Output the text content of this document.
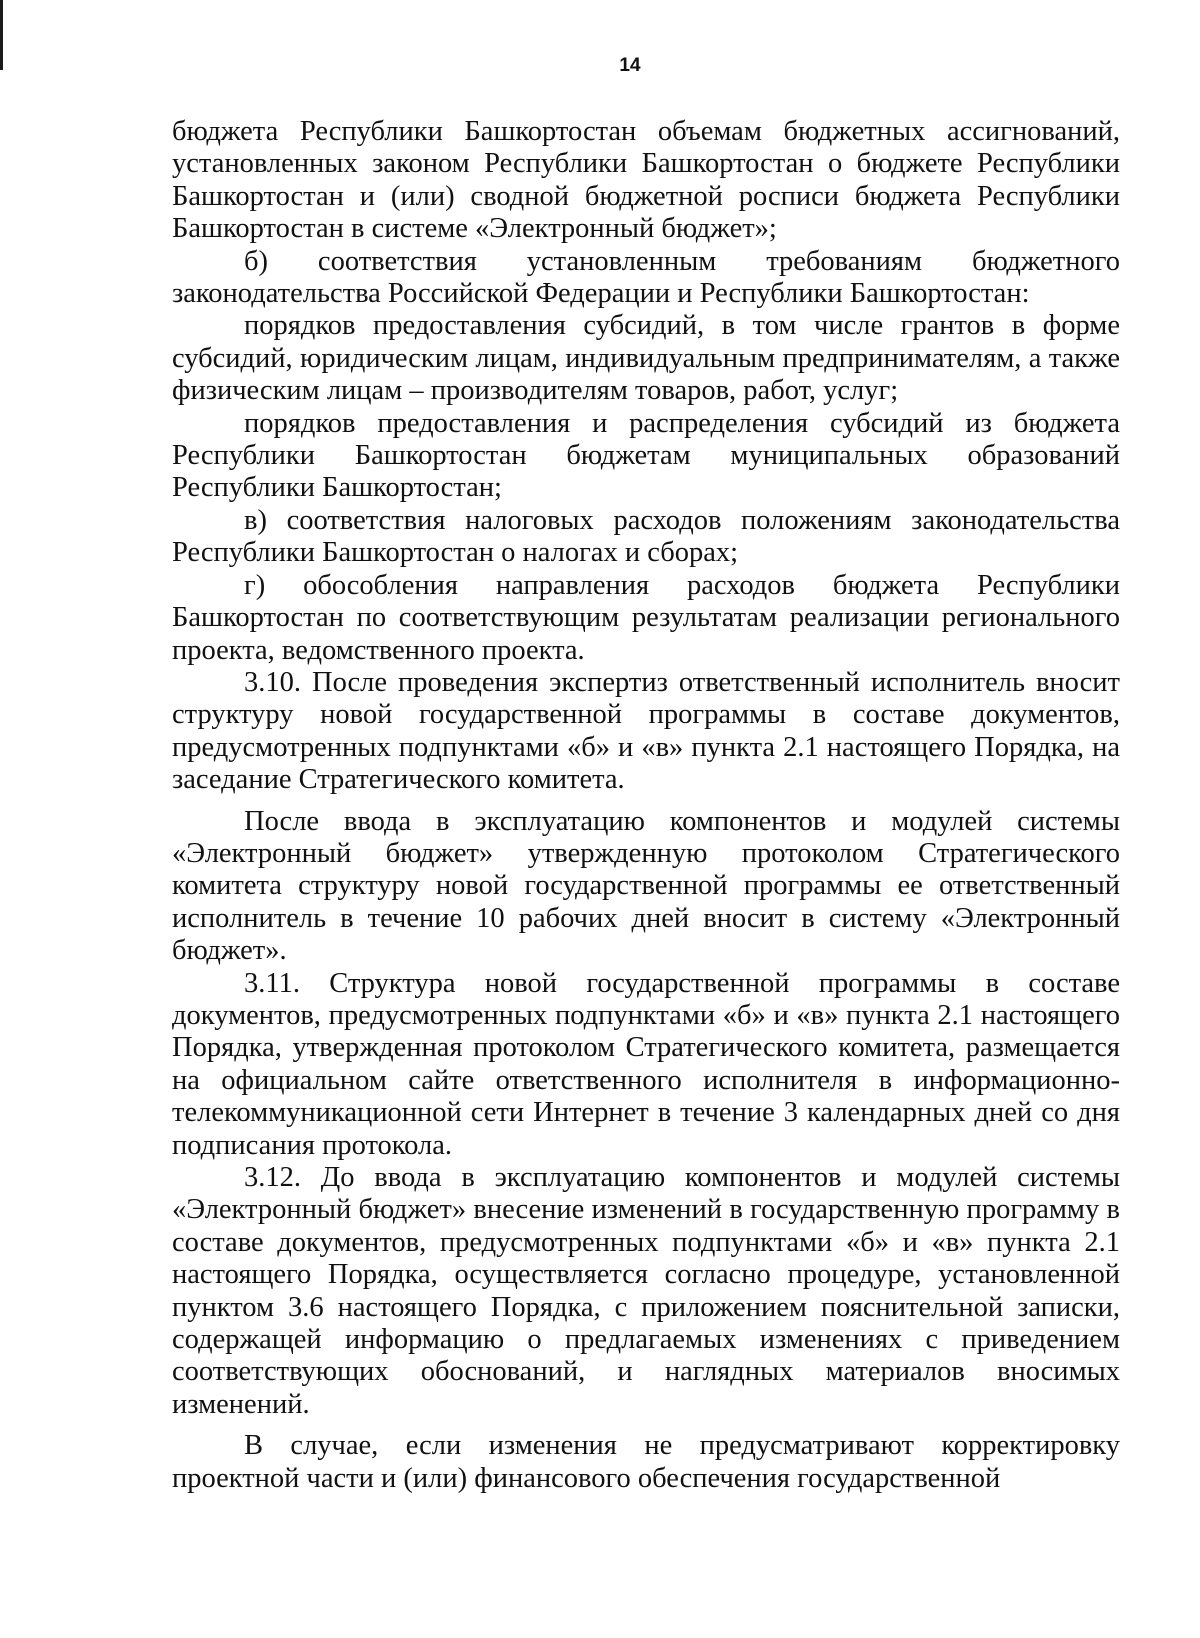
14

бюджета Республики Башкортостан объемам бюджетных ассигнований, установленных законом Республики Башкортостан о бюджете Республики Башкортостан и (или) сводной бюджетной росписи бюджета Республики Башкортостан в системе «Электронный бюджет»;

б) соответствия установленным требованиям бюджетного законодательства Российской Федерации и Республики Башкортостан:

порядков предоставления субсидий, в том числе грантов в форме субсидий, юридическим лицам, индивидуальным предпринимателям, а также физическим лицам – производителям товаров, работ, услуг;

порядков предоставления и распределения субсидий из бюджета Республики Башкортостан бюджетам муниципальных образований Республики Башкортостан;

в) соответствия налоговых расходов положениям законодательства Республики Башкортостан о налогах и сборах;

г) обособления направления расходов бюджета Республики Башкортостан по соответствующим результатам реализации регионального проекта, ведомственного проекта.

3.10. После проведения экспертиз ответственный исполнитель вносит структуру новой государственной программы в составе документов, предусмотренных подпунктами «б» и «в» пункта 2.1 настоящего Порядка, на заседание Стратегического комитета.

После ввода в эксплуатацию компонентов и модулей системы «Электронный бюджет» утвержденную протоколом Стратегического комитета структуру новой государственной программы ее ответственный исполнитель в течение 10 рабочих дней вносит в систему «Электронный бюджет».

3.11. Структура новой государственной программы в составе документов, предусмотренных подпунктами «б» и «в» пункта 2.1 настоящего Порядка, утвержденная протоколом Стратегического комитета, размещается на официальном сайте ответственного исполнителя в информационно-телекоммуникационной сети Интернет в течение 3 календарных дней со дня подписания протокола.

3.12. До ввода в эксплуатацию компонентов и модулей системы «Электронный бюджет» внесение изменений в государственную программу в составе документов, предусмотренных подпунктами «б» и «в» пункта 2.1 настоящего Порядка, осуществляется согласно процедуре, установленной пунктом 3.6 настоящего Порядка, с приложением пояснительной записки, содержащей информацию о предлагаемых изменениях с приведением соответствующих обоснований, и наглядных материалов вносимых изменений.

В случае, если изменения не предусматривают корректировку проектной части и (или) финансового обеспечения государственной
